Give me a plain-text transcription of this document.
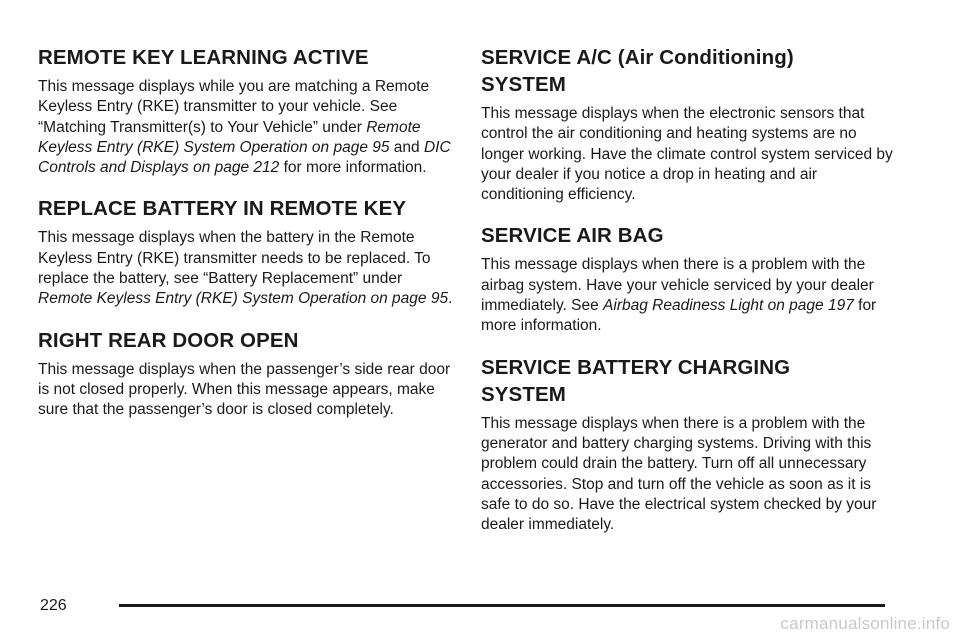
REMOTE KEY LEARNING ACTIVE

This message displays while you are matching a Remote Keyless Entry (RKE) transmitter to your vehicle. See “Matching Transmitter(s) to Your Vehicle” under Remote Keyless Entry (RKE) System Operation on page 95 and DIC Controls and Displays on page 212 for more information.

REPLACE BATTERY IN REMOTE KEY

This message displays when the battery in the Remote Keyless Entry (RKE) transmitter needs to be replaced. To replace the battery, see “Battery Replacement” under Remote Keyless Entry (RKE) System Operation on page 95.

RIGHT REAR DOOR OPEN

This message displays when the passenger’s side rear door is not closed properly. When this message appears, make sure that the passenger’s door is closed completely.

SERVICE A/C (Air Conditioning) SYSTEM

This message displays when the electronic sensors that control the air conditioning and heating systems are no longer working. Have the climate control system serviced by your dealer if you notice a drop in heating and air conditioning efficiency.

SERVICE AIR BAG

This message displays when there is a problem with the airbag system. Have your vehicle serviced by your dealer immediately. See Airbag Readiness Light on page 197 for more information.

SERVICE BATTERY CHARGING SYSTEM

This message displays when there is a problem with the generator and battery charging systems. Driving with this problem could drain the battery. Turn off all unnecessary accessories. Stop and turn off the vehicle as soon as it is safe to do so. Have the electrical system checked by your dealer immediately.

226
carmanualsonline.info
